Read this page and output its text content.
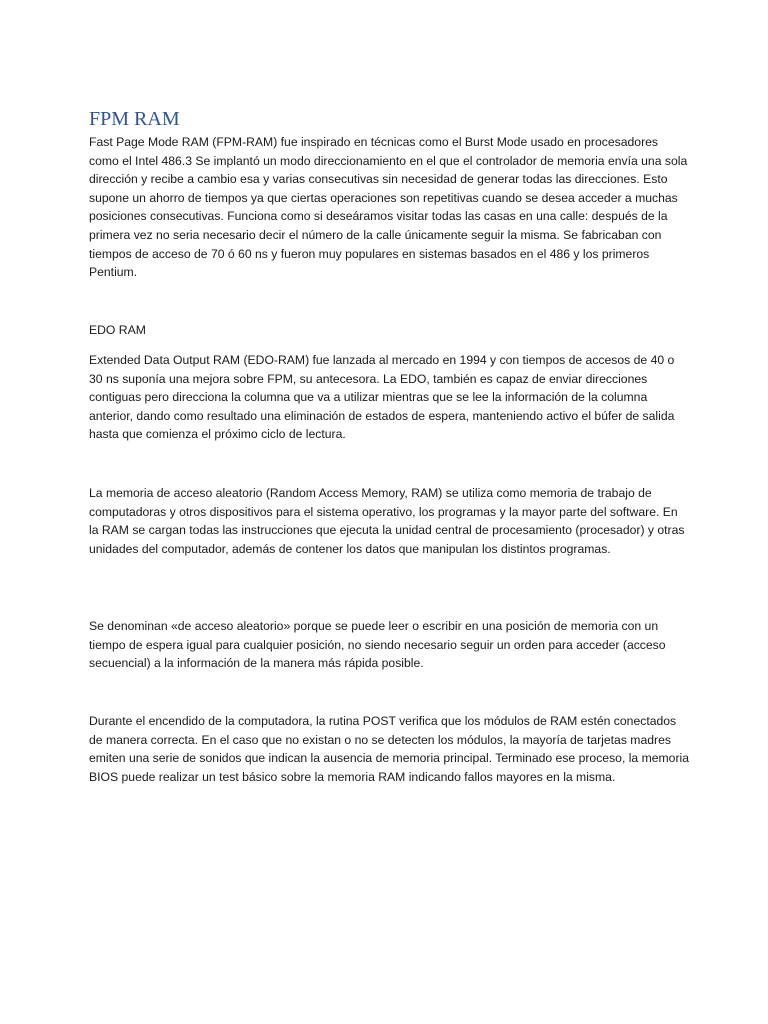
FPM RAM

Fast Page Mode RAM (FPM-RAM) fue inspirado en técnicas como el Burst Mode usado en procesadores como el Intel 486.3 Se implantó un modo direccionamiento en el que el controlador de memoria envía una sola dirección y recibe a cambio esa y varias consecutivas sin necesidad de generar todas las direcciones. Esto supone un ahorro de tiempos ya que ciertas operaciones son repetitivas cuando se desea acceder a muchas posiciones consecutivas. Funciona como si deseáramos visitar todas las casas en una calle: después de la primera vez no seria necesario decir el número de la calle únicamente seguir la misma. Se fabricaban con tiempos de acceso de 70 ó 60 ns y fueron muy populares en sistemas basados en el 486 y los primeros Pentium.

EDO RAM

Extended Data Output RAM (EDO-RAM) fue lanzada al mercado en 1994 y con tiempos de accesos de 40 o 30 ns suponía una mejora sobre FPM, su antecesora. La EDO, también es capaz de enviar direcciones contiguas pero direcciona la columna que va a utilizar mientras que se lee la información de la columna anterior, dando como resultado una eliminación de estados de espera, manteniendo activo el búfer de salida hasta que comienza el próximo ciclo de lectura.

La memoria de acceso aleatorio (Random Access Memory, RAM) se utiliza como memoria de trabajo de computadoras y otros dispositivos para el sistema operativo, los programas y la mayor parte del software. En la RAM se cargan todas las instrucciones que ejecuta la unidad central de procesamiento (procesador) y otras unidades del computador, además de contener los datos que manipulan los distintos programas.

Se denominan «de acceso aleatorio» porque se puede leer o escribir en una posición de memoria con un tiempo de espera igual para cualquier posición, no siendo necesario seguir un orden para acceder (acceso secuencial) a la información de la manera más rápida posible.

Durante el encendido de la computadora, la rutina POST verifica que los módulos de RAM estén conectados de manera correcta. En el caso que no existan o no se detecten los módulos, la mayoría de tarjetas madres emiten una serie de sonidos que indican la ausencia de memoria principal. Terminado ese proceso, la memoria BIOS puede realizar un test básico sobre la memoria RAM indicando fallos mayores en la misma.
